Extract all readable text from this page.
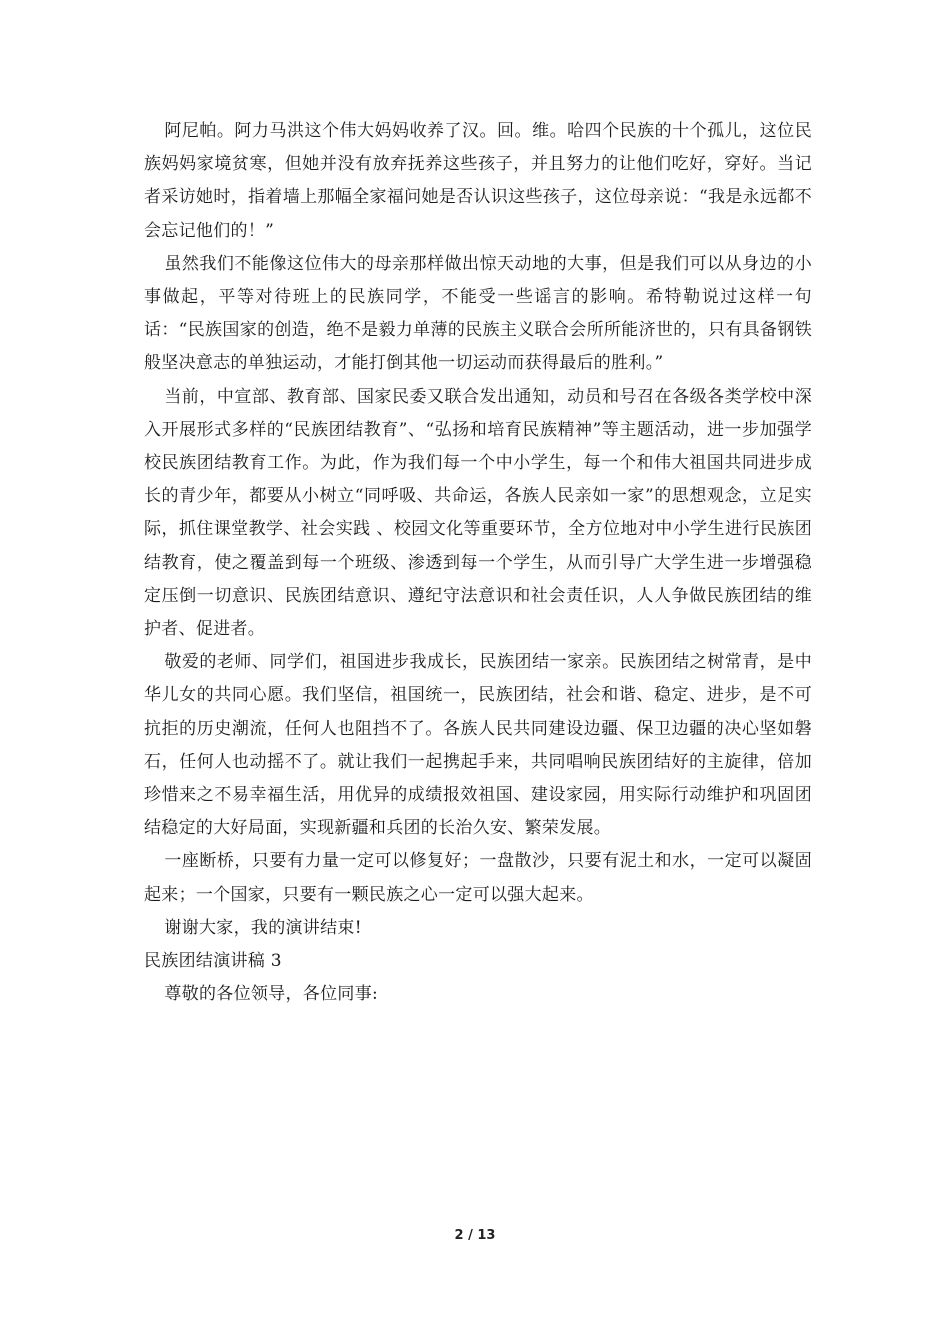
阿尼帕。阿力马洪这个伟大妈妈收养了汉。回。维。哈四个民族的十个孤儿，这位民族妈妈家境贫寒，但她并没有放弃抚养这些孩子，并且努力的让他们吃好，穿好。当记者采访她时，指着墙上那幅全家福问她是否认识这些孩子，这位母亲说：“我是永远都不会忘记他们的！”

虽然我们不能像这位伟大的母亲那样做出惊天动地的大事，但是我们可以从身边的小事做起，平等对待班上的民族同学，不能受一些谣言的影响。希特勒说过这样一句话：“民族国家的创造，绝不是毅力单薄的民族主义联合会所所能济世的，只有具备钢铁般坚决意志的单独运动，才能打倒其他一切运动而获得最后的胜利。”

当前，中宣部、教育部、国家民委又联合发出通知，动员和号召在各级各类学校中深入开展形式多样的“民族团结教育”、“弘扬和培育民族精神”等主题活动，进一步加强学校民族团结教育工作。为此，作为我们每一个中小学生，每一个和伟大祖国共同进步成长的青少年，都要从小树立“同呼吸、共命运，各族人民亲如一家”的思想观念，立足实际，抓住课堂教学、社会实践 、校园文化等重要环节，全方位地对中小学生进行民族团结教育，使之覆盖到每一个班级、渗透到每一个学生，从而引导广大学生进一步增强稳定压倒一切意识、民族团结意识、遵纪守法意识和社会责任识，人人争做民族团结的维护者、促进者。

敬爱的老师、同学们，祖国进步我成长，民族团结一家亲。民族团结之树常青，是中华儿女的共同心愿。我们坚信，祖国统一，民族团结，社会和谐、稳定、进步，是不可抗拒的历史潮流，任何人也阻挡不了。各族人民共同建设边疆、保卫边疆的决心坚如磐石，任何人也动摇不了。就让我们一起携起手来，共同唱响民族团结好的主旋律，倍加珍惜来之不易幸福生活，用优异的成绩报效祖国、建设家园，用实际行动维护和巩固团结稳定的大好局面，实现新疆和兵团的长治久安、繁荣发展。

一座断桥，只要有力量一定可以修复好；一盘散沙，只要有泥土和水，一定可以凝固起来；一个国家，只要有一颗民族之心一定可以强大起来。

谢谢大家，我的演讲结束!

民族团结演讲稿 3

尊敬的各位领导，各位同事:

2 / 13
